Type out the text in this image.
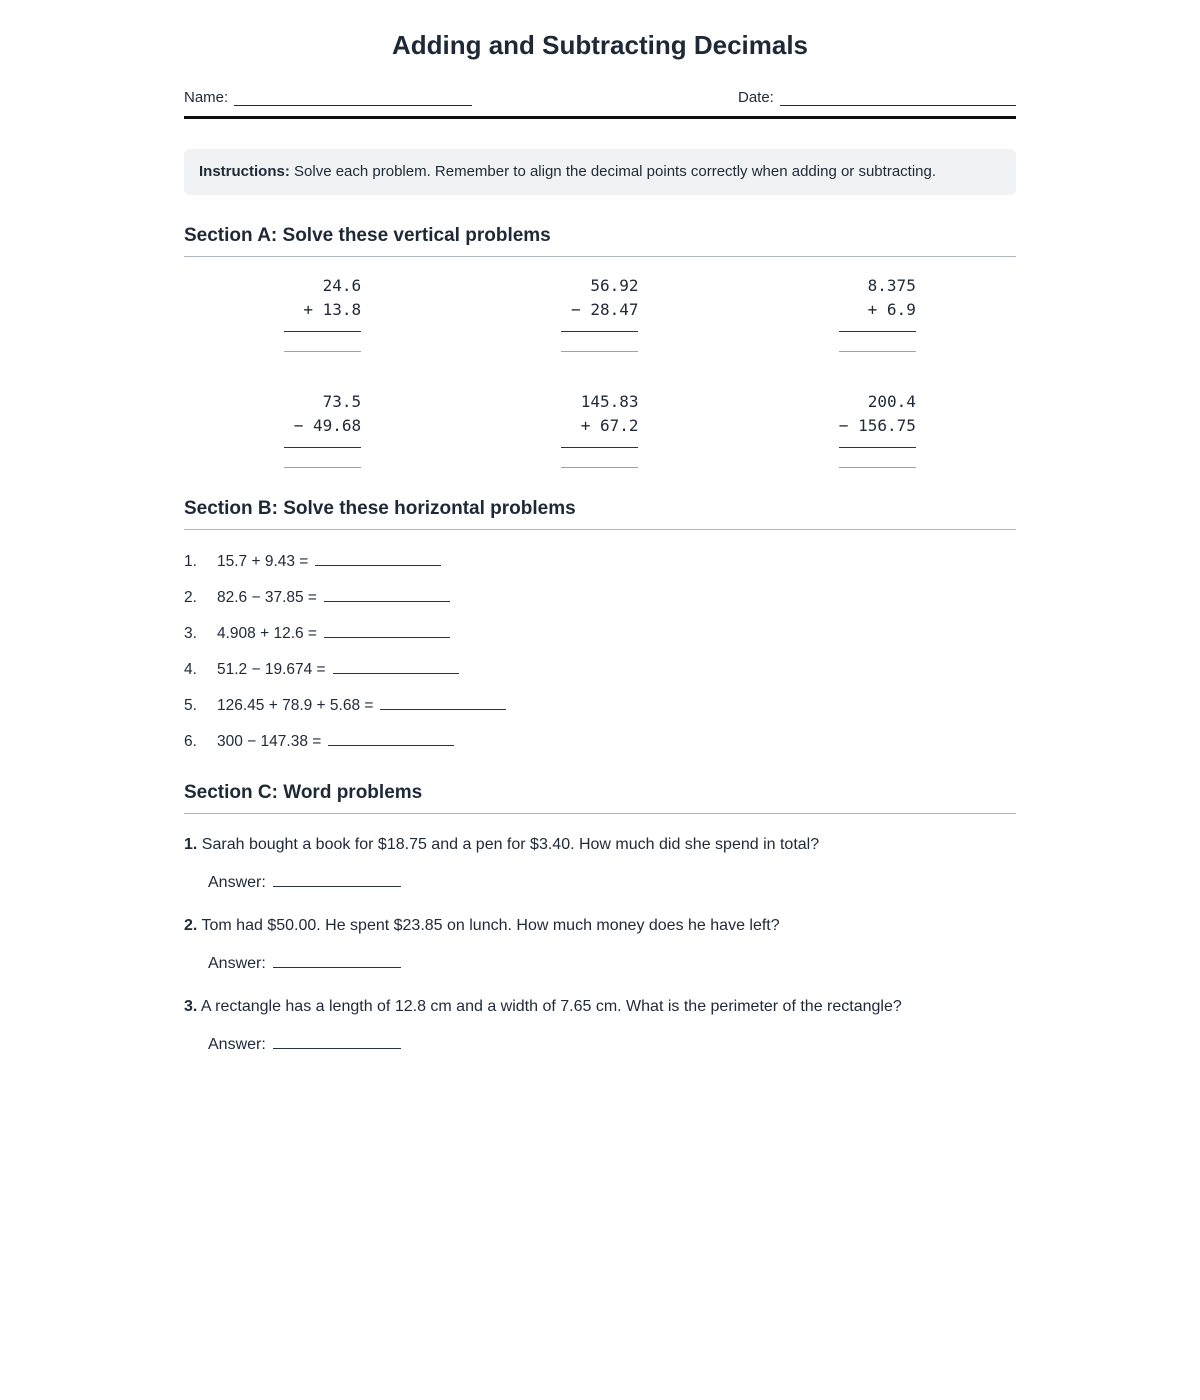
Adding and Subtracting Decimals
Name:	Date:
Instructions: Solve each problem. Remember to align the decimal points correctly when adding or subtracting.
Section A: Solve these vertical problems
24.6
+ 13.8
56.92
− 28.47
8.375
+ 6.9
73.5
− 49.68
145.83
+ 67.2
200.4
− 156.75
Section B: Solve these horizontal problems
1.	15.7 + 9.43 =
2.	82.6 − 37.85 =
3.	4.908 + 12.6 =
4.	51.2 − 19.674 =
5.	126.45 + 78.9 + 5.68 =
6.	300 − 147.38 =
Section C: Word problems

1. Sarah bought a book for $18.75 and a pen for $3.40. How much did she spend in total?

Answer:

2. Tom had $50.00. He spent $23.85 on lunch. How much money does he have left?

Answer:

3. A rectangle has a length of 12.8 cm and a width of 7.65 cm. What is the perimeter of the rectangle?

Answer:
